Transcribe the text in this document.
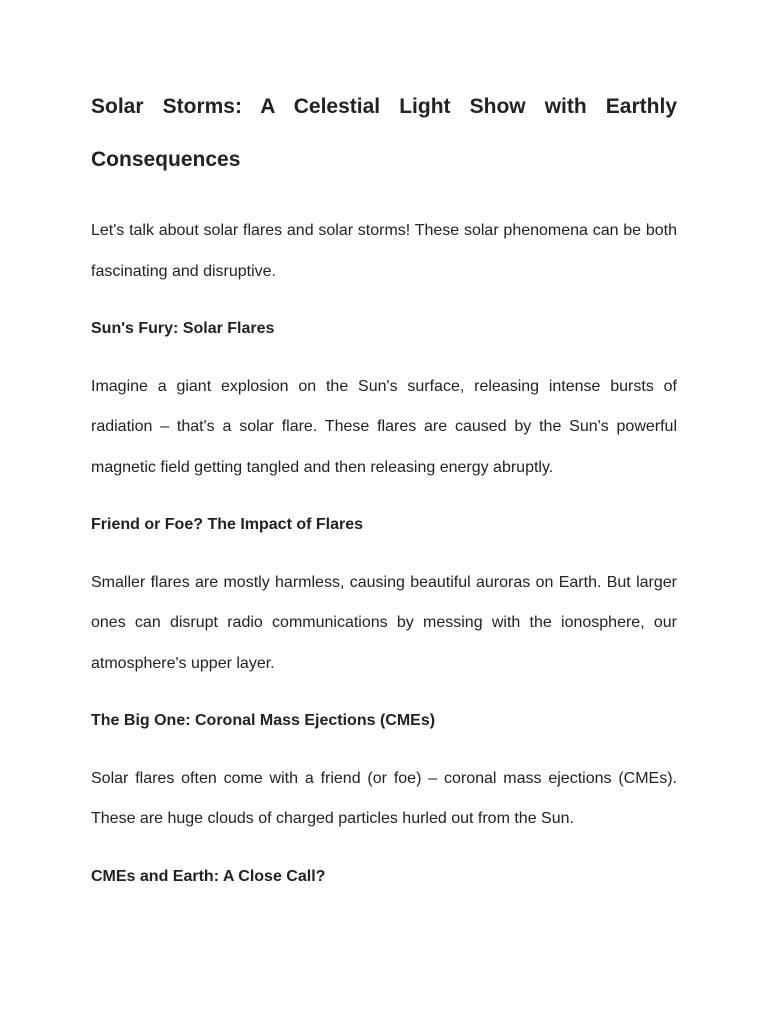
Solar Storms: A Celestial Light Show with Earthly Consequences

Let's talk about solar flares and solar storms! These solar phenomena can be both fascinating and disruptive.

Sun's Fury: Solar Flares

Imagine a giant explosion on the Sun's surface, releasing intense bursts of radiation – that's a solar flare. These flares are caused by the Sun's powerful magnetic field getting tangled and then releasing energy abruptly.

Friend or Foe? The Impact of Flares

Smaller flares are mostly harmless, causing beautiful auroras on Earth. But larger ones can disrupt radio communications by messing with the ionosphere, our atmosphere's upper layer.

The Big One: Coronal Mass Ejections (CMEs)

Solar flares often come with a friend (or foe) – coronal mass ejections (CMEs). These are huge clouds of charged particles hurled out from the Sun.

CMEs and Earth: A Close Call?
